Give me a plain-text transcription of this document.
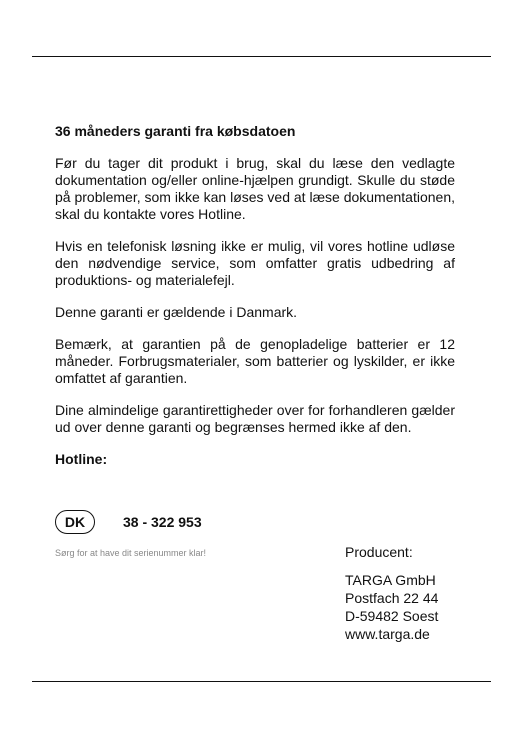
36 måneders garanti fra købsdatoen

Før du tager dit produkt i brug, skal du læse den vedlagte dokumentation og/eller online-hjælpen grundigt. Skulle du støde på problemer, som ikke kan løses ved at læse dokumentationen, skal du kontakte vores Hotline.

Hvis en telefonisk løsning ikke er mulig, vil vores hotline udløse den nødvendige service, som omfatter gratis udbedring af produktions- og materialefejl.

Denne garanti er gældende i Danmark.

Bemærk, at garantien på de genopladelige batterier er 12 måneder. Forbrugsmaterialer, som batterier og lyskilder, er ikke omfattet af garantien.

Dine almindelige garantirettigheder over for forhandleren gælder ud over denne garanti og begrænses hermed ikke af den.

Hotline:
DK	38 - 322 953
Sørg for at have dit serienummer klar!	Producent:
TARGA GmbH
Postfach 22 44
D-59482 Soest
www.targa.de
